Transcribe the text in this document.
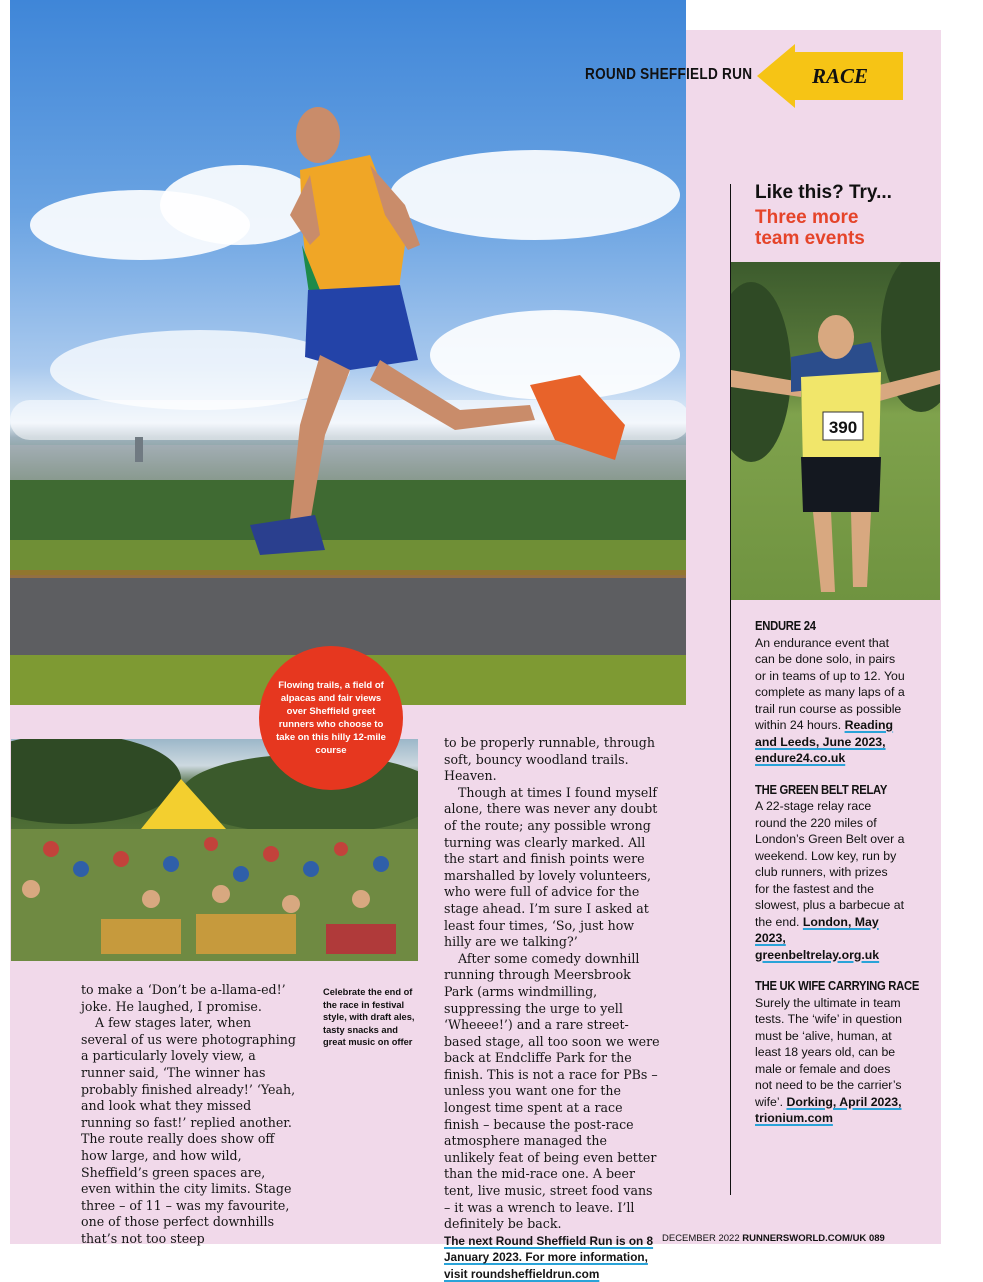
ROUND SHEFFIELD RUN	RACE
Like this? Try...
Three more team events
390
ENDURE 24

An endurance event that can be done solo, in pairs or in teams of up to 12. You complete as many laps of a trail run course as possible within 24 hours. Reading and Leeds, June 2023, endure24.co.uk

THE GREEN BELT RELAY

A 22-stage relay race round the 220 miles of London’s Green Belt over a weekend. Low key, run by club runners, with prizes for the fastest and the slowest, plus a barbecue at the end. London, May 2023, greenbeltrelay.org.uk

THE UK WIFE CARRYING RACE

Surely the ultimate in team tests. The ‘wife’ in question must be ‘alive, human, at least 18 years old, can be male or female and does not need to be the carrier’s wife’. Dorking, April 2023, trionium.com

Flowing trails, a field of alpacas and fair views over Sheffield greet runners who choose to take on this hilly 12-mile course

to make a ‘Don’t be a-llama-ed!’ joke. He laughed, I promise.

A few stages later, when several of us were photographing a particularly lovely view, a runner said, ‘The winner has probably finished already!’ ‘Yeah, and look what they missed running so fast!’ replied another. The route really does show off how large, and how wild, Sheffield’s green spaces are, even within the city limits. Stage three – of 11 – was my favourite, one of those perfect downhills that’s not too steep

Celebrate the end of the race in festival style, with draft ales, tasty snacks and great music on offer

to be properly runnable, through soft, bouncy woodland trails. Heaven.

Though at times I found myself alone, there was never any doubt of the route; any possible wrong turning was clearly marked. All the start and finish points were marshalled by lovely volunteers, who were full of advice for the stage ahead. I’m sure I asked at least four times, ‘So, just how hilly are we talking?’

After some comedy downhill running through Meersbrook Park (arms windmilling, suppressing the urge to yell ‘Wheeee!’) and a rare street-based stage, all too soon we were back at Endcliffe Park for the finish. This is not a race for PBs – unless you want one for the longest time spent at a race finish – because the post-race atmosphere managed the unlikely feat of being even better than the mid-race one. A beer tent, live music, street food vans – it was a wrench to leave. I’ll definitely be back.

The next Round Sheffield Run is on 8 January 2023. For more information, visit roundsheffieldrun.com

DECEMBER 2022 RUNNERSWORLD.COM/UK 089
